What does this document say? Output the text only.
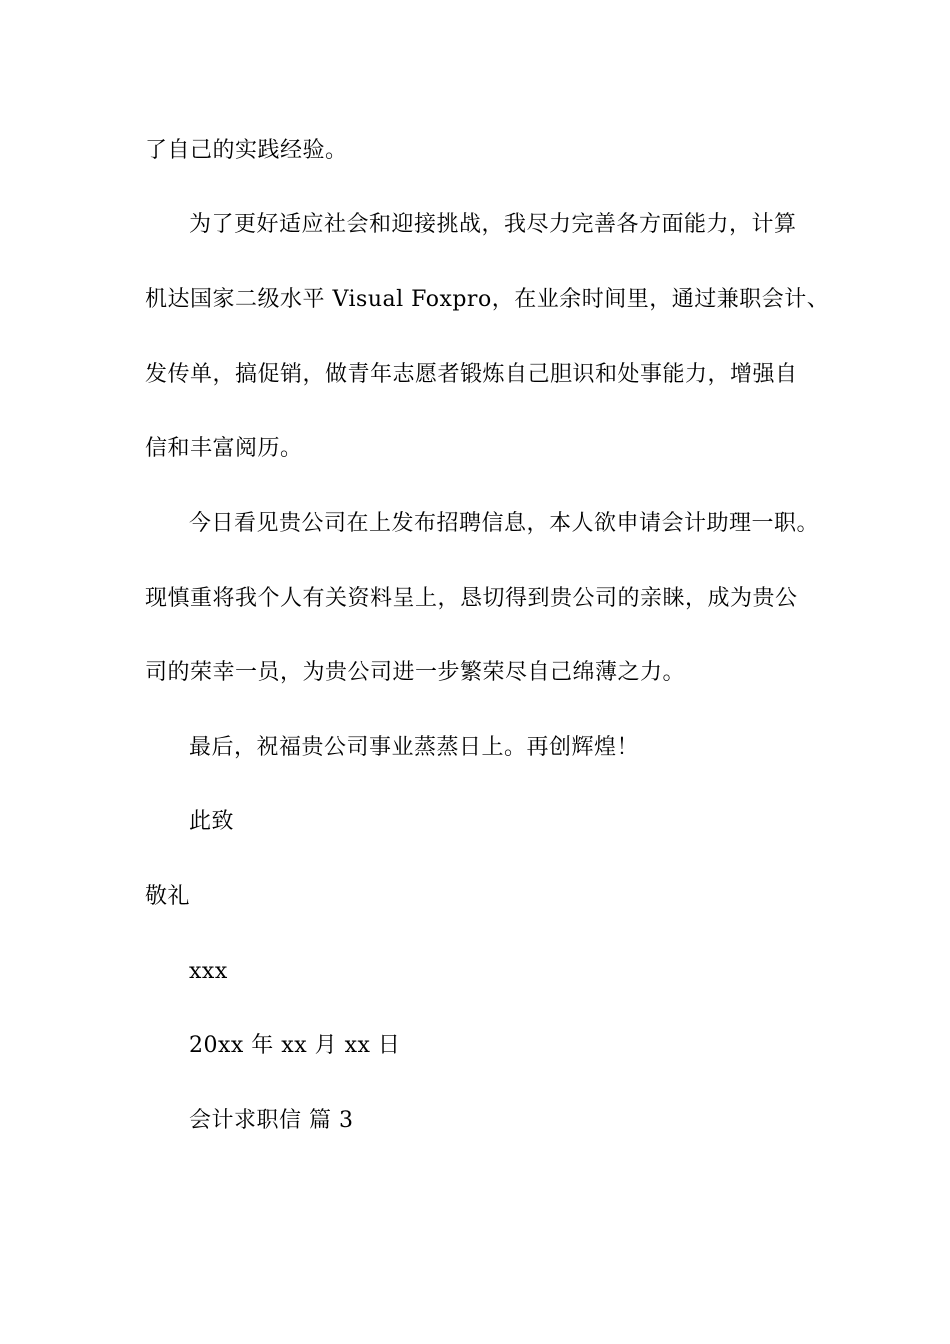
了自己的实践经验。
为了更好适应社会和迎接挑战，我尽力完善各方面能力，计算
机达国家二级水平 Visual Foxpro，在业余时间里，通过兼职会计、
发传单，搞促销，做青年志愿者锻炼自己胆识和处事能力，增强自
信和丰富阅历。
今日看见贵公司在上发布招聘信息，本人欲申请会计助理一职。
现慎重将我个人有关资料呈上，恳切得到贵公司的亲睐，成为贵公
司的荣幸一员，为贵公司进一步繁荣尽自己绵薄之力。
最后，祝福贵公司事业蒸蒸日上。再创辉煌！
此致
敬礼
xxx
20xx 年 xx 月 xx 日
会计求职信 篇 3
